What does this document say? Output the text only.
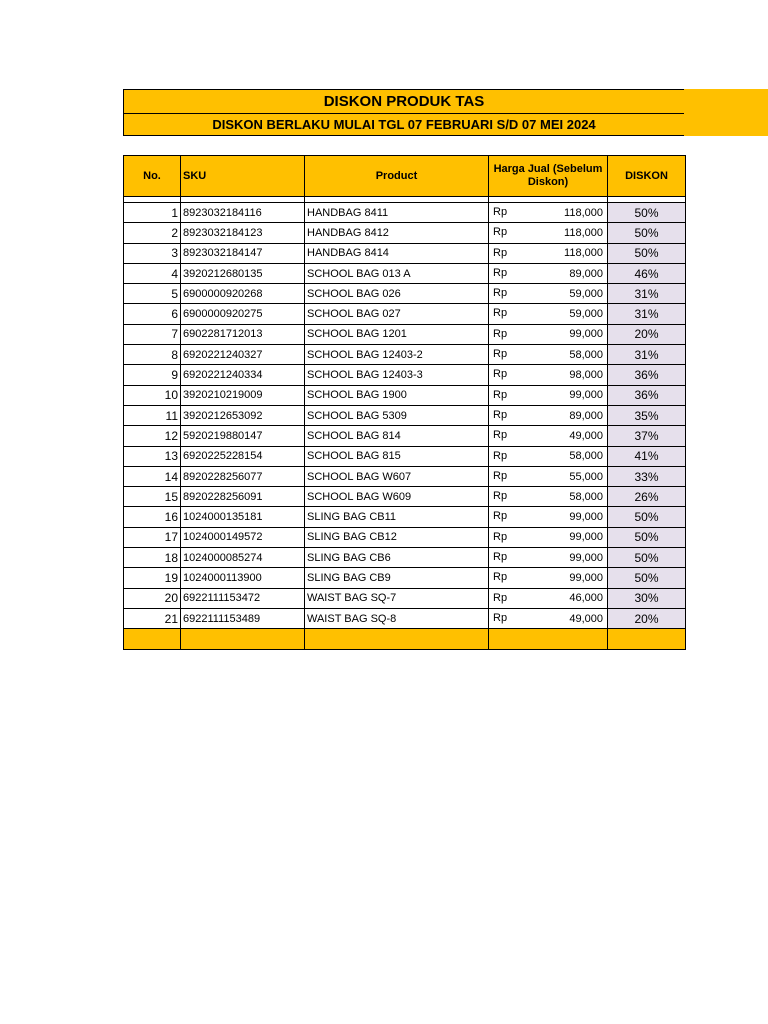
DISKON PRODUK TAS
DISKON BERLAKU MULAI TGL 07 FEBRUARI S/D 07 MEI 2024
No.	SKU	Product	Harga Jual (Sebelum Diskon)	DISKON

1	8923032184116	HANDBAG 8411	Rp 118,000	50%
2	8923032184123	HANDBAG 8412	Rp 118,000	50%
3	8923032184147	HANDBAG 8414	Rp 118,000	50%
4	3920212680135	SCHOOL BAG 013 A	Rp 89,000	46%
5	6900000920268	SCHOOL BAG 026	Rp 59,000	31%
6	6900000920275	SCHOOL BAG 027	Rp 59,000	31%
7	6902281712013	SCHOOL BAG 1201	Rp 99,000	20%
8	6920221240327	SCHOOL BAG 12403-2	Rp 58,000	31%
9	6920221240334	SCHOOL BAG 12403-3	Rp 98,000	36%
10	3920210219009	SCHOOL BAG 1900	Rp 99,000	36%
11	3920212653092	SCHOOL BAG 5309	Rp 89,000	35%
12	5920219880147	SCHOOL BAG 814	Rp 49,000	37%
13	6920225228154	SCHOOL BAG 815	Rp 58,000	41%
14	8920228256077	SCHOOL BAG W607	Rp 55,000	33%
15	8920228256091	SCHOOL BAG W609	Rp 58,000	26%
16	1024000135181	SLING BAG CB11	Rp 99,000	50%
17	1024000149572	SLING BAG CB12	Rp 99,000	50%
18	1024000085274	SLING BAG CB6	Rp 99,000	50%
19	1024000113900	SLING BAG CB9	Rp 99,000	50%
20	6922111153472	WAIST BAG SQ-7	Rp 46,000	30%
21	6922111153489	WAIST BAG SQ-8	Rp 49,000	20%
